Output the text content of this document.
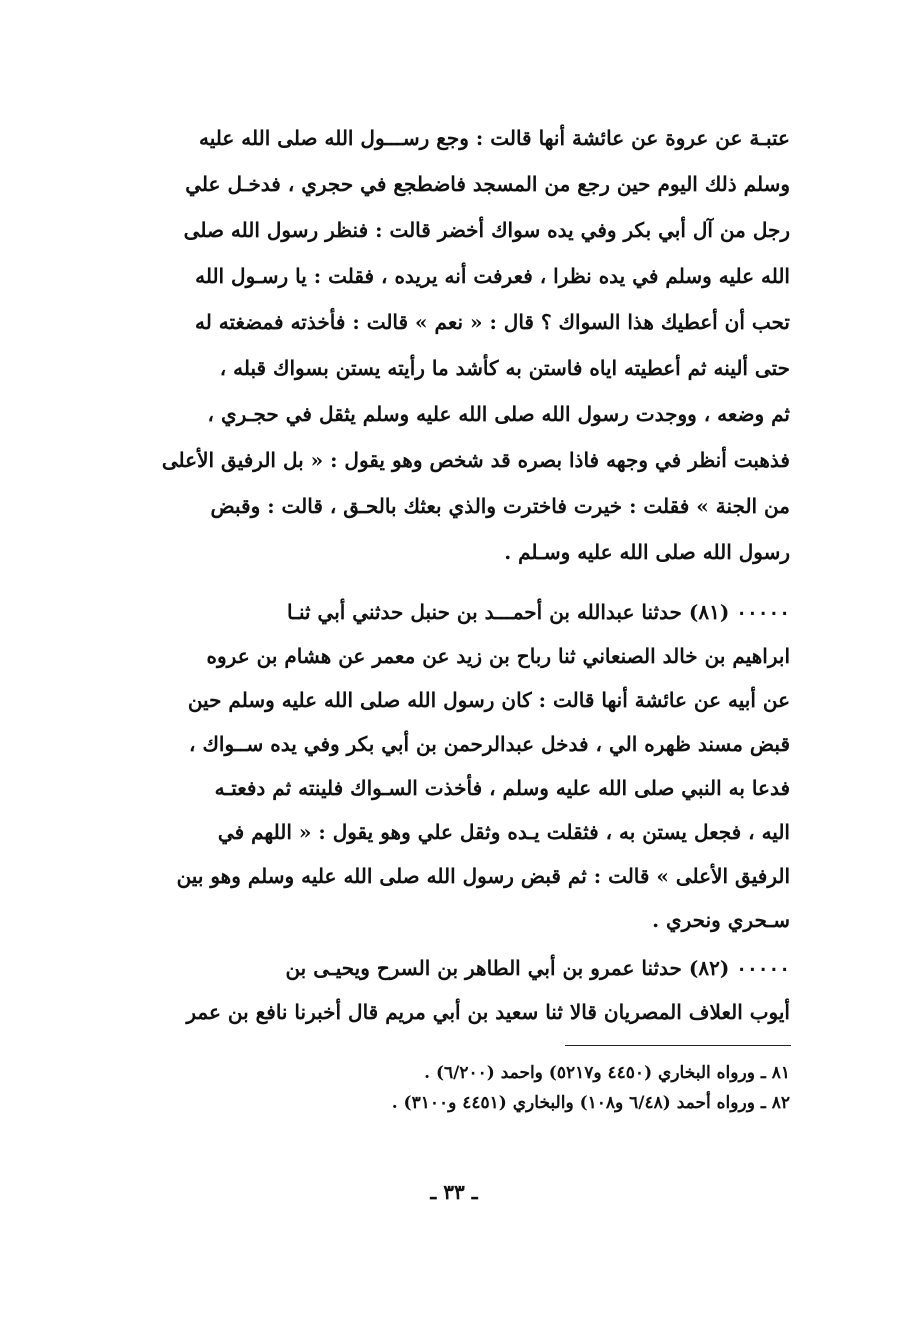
عتبـة عن عروة عن عائشة أنها قالت : وجع رســـول الله صلى الله عليه
وسلم ذلك اليوم حين رجع من المسجد فاضطجع في حجري ، فدخـل علي
رجل من آل أبي بكر وفي يده سواك أخضر قالت : فنظر رسول الله صلى
الله عليه وسلم في يده نظرا ، فعرفت أنه يريده ، فقلت : يا رسـول الله
تحب أن أعطيك هذا السواك ؟ قال : « نعم » قالت : فأخذته فمضغته له
حتى ألينه ثم أعطيته اياه فاستن به كأشد ما رأيته يستن بسواك قبله ،
ثم وضعه ، ووجدت رسول الله صلى الله عليه وسلم يثقل في حجـري ،
فذهبت أنظر في وجهه فاذا بصره قد شخص وهو يقول : « بل الرفيق الأعلى
من الجنة » فقلت : خيرت فاخترت والذي بعثك بالحـق ، قالت : وقبض
رسول الله صلى الله عليه وسـلم .
٠٠٠٠٠ (٨١) حدثنا عبدالله بن أحمـــد بن حنبل حدثني أبي ثنـا
ابراهيم بن خالد الصنعاني ثنا رباح بن زيد عن معمر عن هشام بن عروه
عن أبيه عن عائشة أنها قالت : كان رسول الله صلى الله عليه وسلم حين
قبض مسند ظهره الي ، فدخل عبدالرحمن بن أبي بكر وفي يده ســواك ،
فدعا به النبي صلى الله عليه وسلم ، فأخذت السـواك فلينته ثم دفعتـه
اليه ، فجعل يستن به ، فثقلت يـده وثقل علي وهو يقول : « اللهم في
الرفيق الأعلى » قالت : ثم قبض رسول الله صلى الله عليه وسلم وهو بين
سـحري ونحري .
٠٠٠٠٠ (٨٢) حدثنا عمرو بن أبي الطاهر بن السرح ويحيـى بن
أيوب العلاف المصريان قالا ثنا سعيد بن أبي مريم قال أخبرنا نافع بن عمر
٨١ ـ ورواه البخاري (٤٤٥٠ و٥٢١٧) واحمد (٦/٢٠٠) .
٨٢ ـ ورواه أحمد (٦/٤٨ و١٠٨) والبخاري (٤٤٥١ و٣١٠٠) .
ـ ٣٣ ـ
